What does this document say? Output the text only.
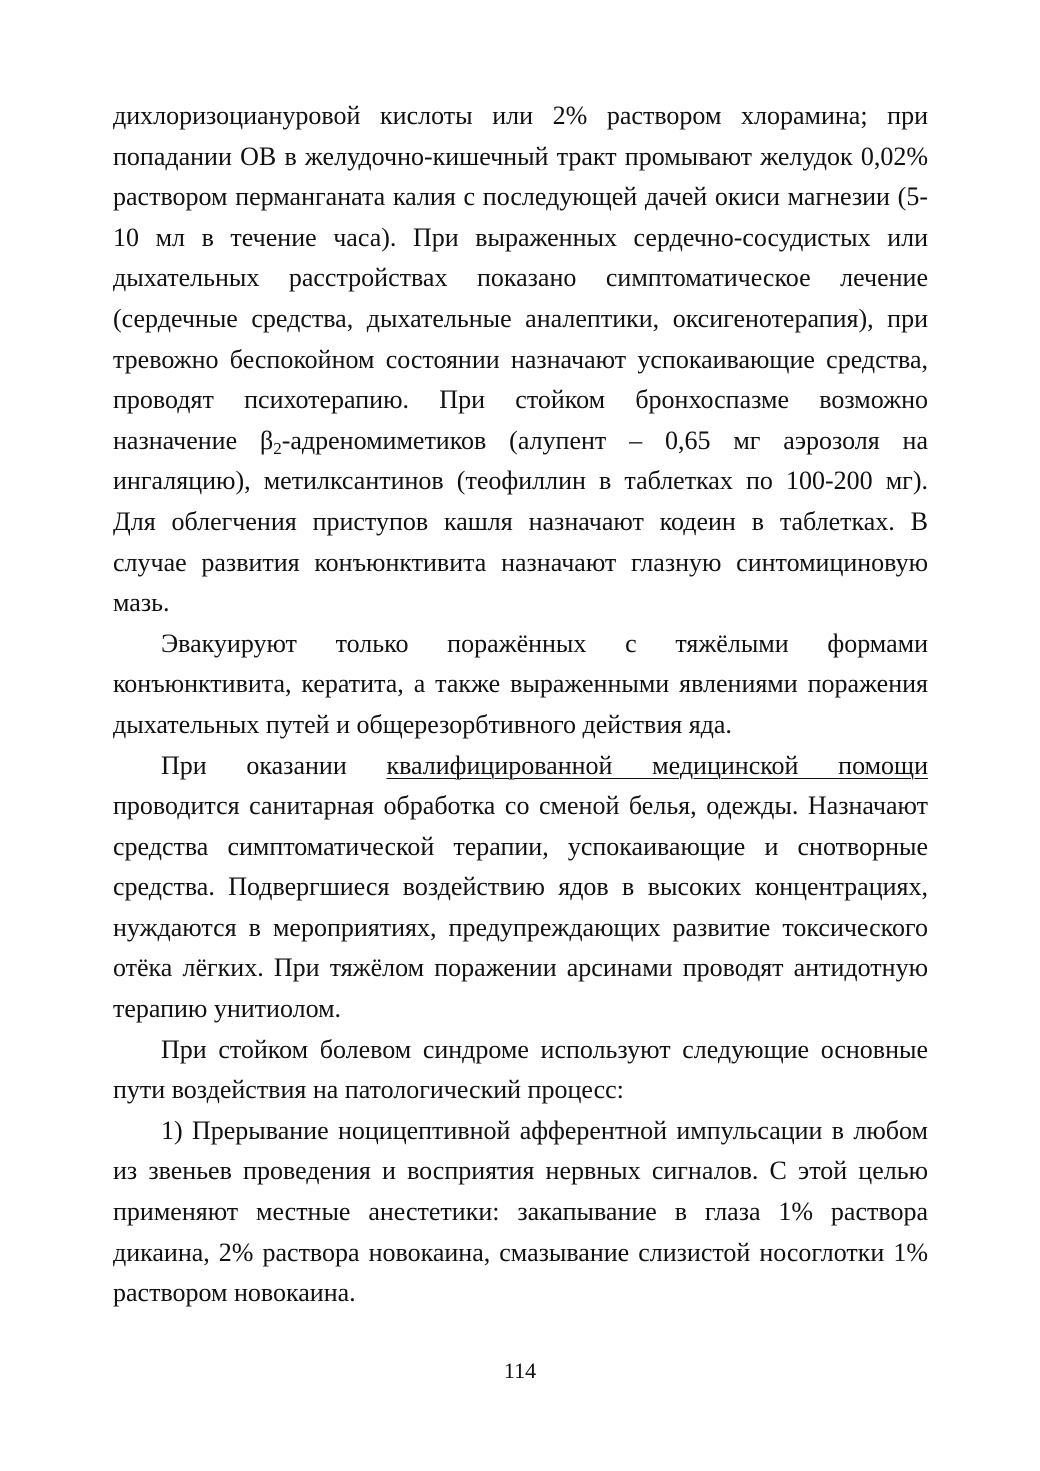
дихлоризоциануровой кислоты или 2% раствором хлорамина; при попадании ОВ в желудочно-кишечный тракт промывают желудок 0,02% раствором перманганата калия с последующей дачей окиси магнезии (5-10 мл в течение часа). При выраженных сердечно-сосудистых или дыхательных расстройствах показано симптоматическое лечение (сердечные средства, дыхательные аналептики, оксигенотерапия), при тревожно беспокойном состоянии назначают успокаивающие средства, проводят психотерапию. При стойком бронхоспазме возможно назначение $\beta_2$-адреномиметиков (алупент – 0,65 мг аэрозоля на ингаляцию), метилксантинов (теофиллин в таблетках по 100-200 мг). Для облегчения приступов кашля назначают кодеин в таблетках. В случае развития конъюнктивита назначают глазную синтомициновую мазь.

Эвакуируют только поражённых с тяжёлыми формами конъюнктивита, кератита, а также выраженными явлениями поражения дыхательных путей и общерезорбтивного действия яда.

При оказании квалифицированной медицинской помощи проводится санитарная обработка со сменой белья, одежды. Назначают средства симптоматической терапии, успокаивающие и снотворные средства. Подвергшиеся воздействию ядов в высоких концентрациях, нуждаются в мероприятиях, предупреждающих развитие токсического отёка лёгких. При тяжёлом поражении арсинами проводят антидотную терапию унитиолом.

При стойком болевом синдроме используют следующие основные пути воздействия на патологический процесс:

1) Прерывание ноцицептивной афферентной импульсации в любом из звеньев проведения и восприятия нервных сигналов. С этой целью применяют местные анестетики: закапывание в глаза 1% раствора дикаина, 2% раствора новокаина, смазывание слизистой носоглотки 1% раствором новокаина.

114
